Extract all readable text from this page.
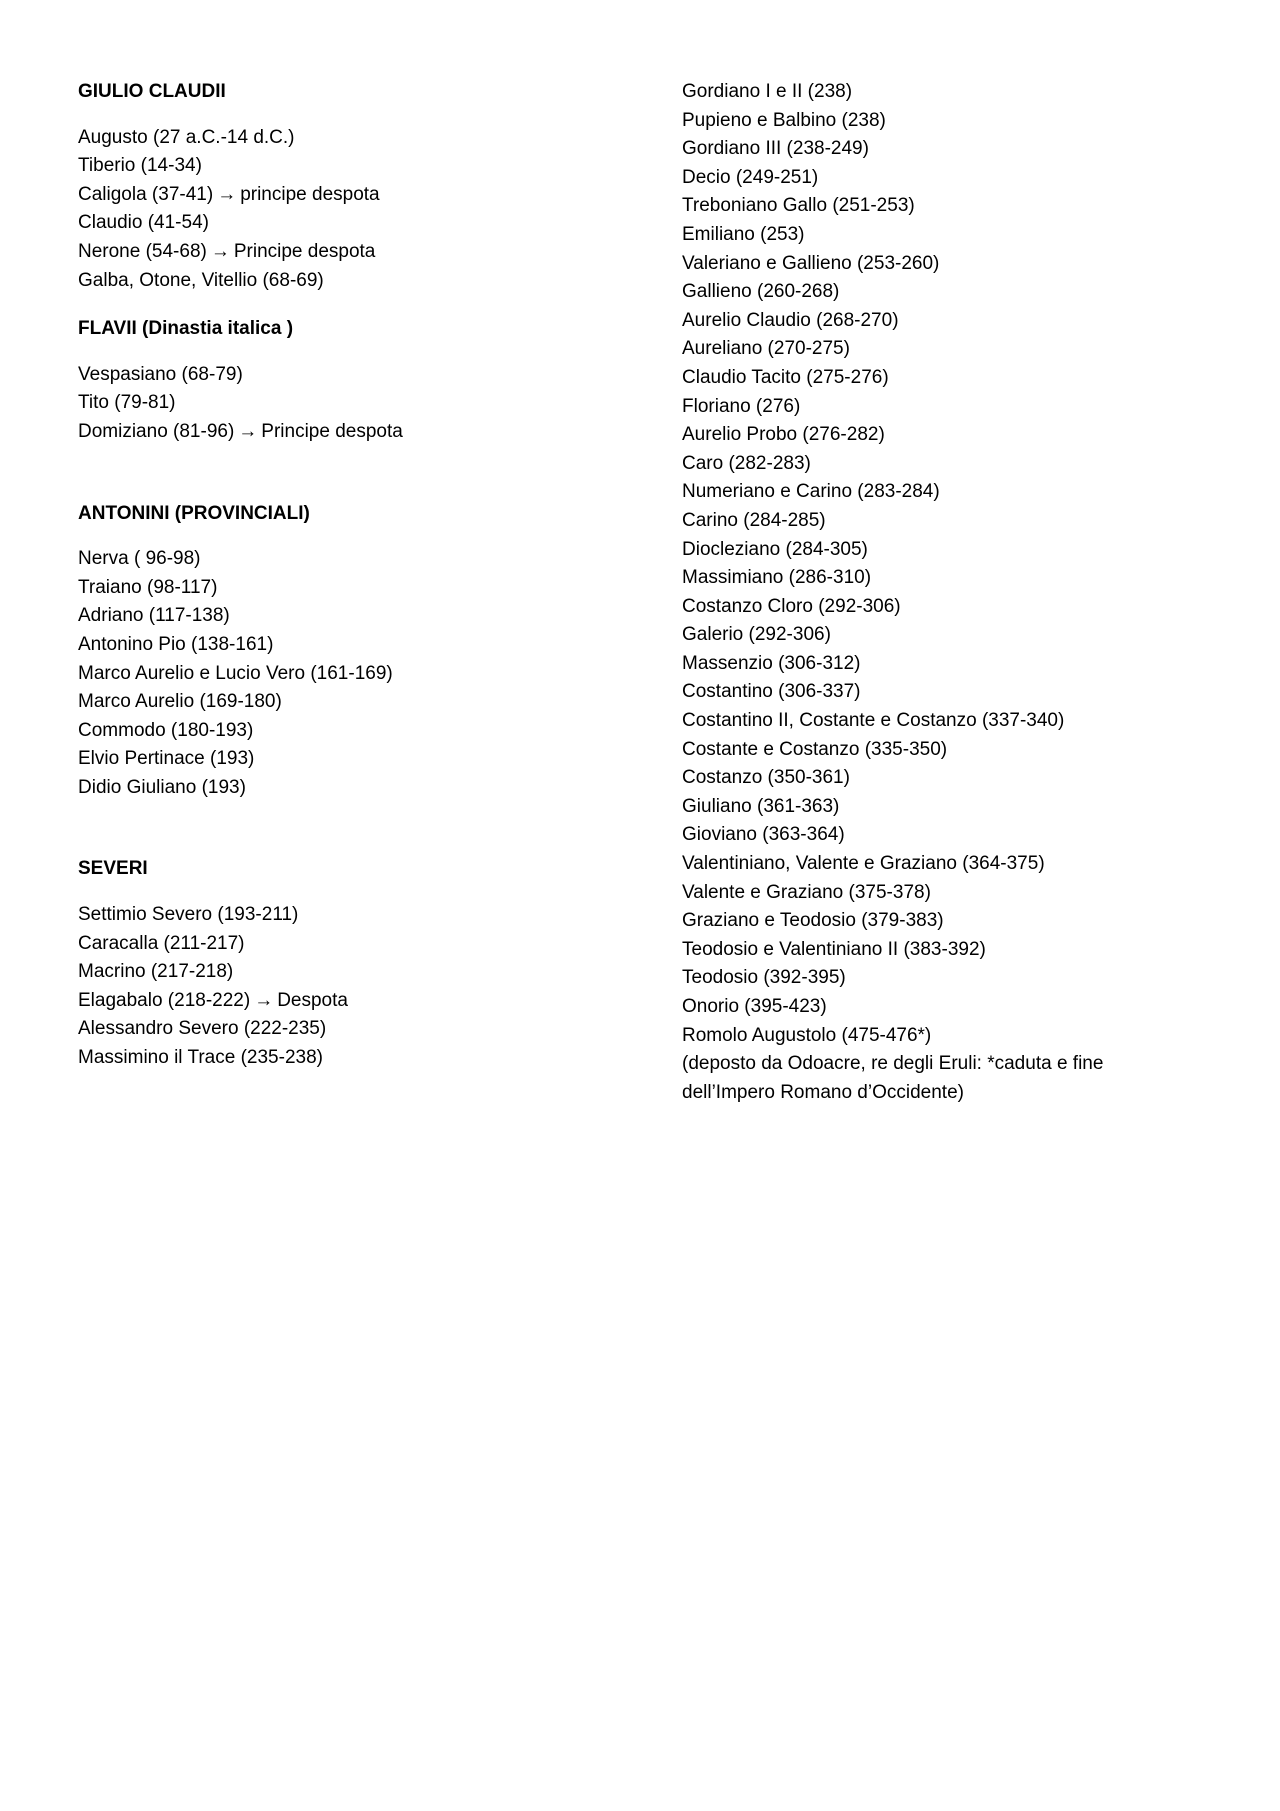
GIULIO CLAUDII
Augusto (27 a.C.-14 d.C.)
Tiberio (14-34)
Caligola (37-41) → principe despota
Claudio (41-54)
Nerone (54-68) → Principe despota
Galba, Otone, Vitellio (68-69)
FLAVII (Dinastia italica )
Vespasiano (68-79)
Tito (79-81)
Domiziano (81-96) → Principe despota
ANTONINI (PROVINCIALI)
Nerva ( 96-98)
Traiano (98-117)
Adriano (117-138)
Antonino Pio (138-161)
Marco Aurelio e Lucio Vero (161-169)
Marco Aurelio (169-180)
Commodo (180-193)
Elvio Pertinace (193)
Didio Giuliano (193)
SEVERI
Settimio Severo (193-211)
Caracalla (211-217)
Macrino (217-218)
Elagabalo (218-222) → Despota
Alessandro Severo (222-235)
Massimino il Trace (235-238)
Gordiano I e II (238)
Pupieno e Balbino (238)
Gordiano III (238-249)
Decio (249-251)
Treboniano Gallo (251-253)
Emiliano (253)
Valeriano e Gallieno (253-260)
Gallieno (260-268)
Aurelio Claudio (268-270)
Aureliano (270-275)
Claudio Tacito (275-276)
Floriano (276)
Aurelio Probo (276-282)
Caro (282-283)
Numeriano e Carino (283-284)
Carino (284-285)
Diocleziano (284-305)
Massimiano (286-310)
Costanzo Cloro (292-306)
Galerio (292-306)
Massenzio (306-312)
Costantino (306-337)
Costantino II, Costante e Costanzo (337-340)
Costante e Costanzo (335-350)
Costanzo (350-361)
Giuliano (361-363)
Gioviano (363-364)
Valentiniano, Valente e Graziano (364-375)
Valente e Graziano (375-378)
Graziano e Teodosio (379-383)
Teodosio e Valentiniano II (383-392)
Teodosio (392-395)
Onorio (395-423)
Romolo Augustolo (475-476*)
(deposto da Odoacre, re degli Eruli: *caduta e fine dell’Impero Romano d’Occidente)
